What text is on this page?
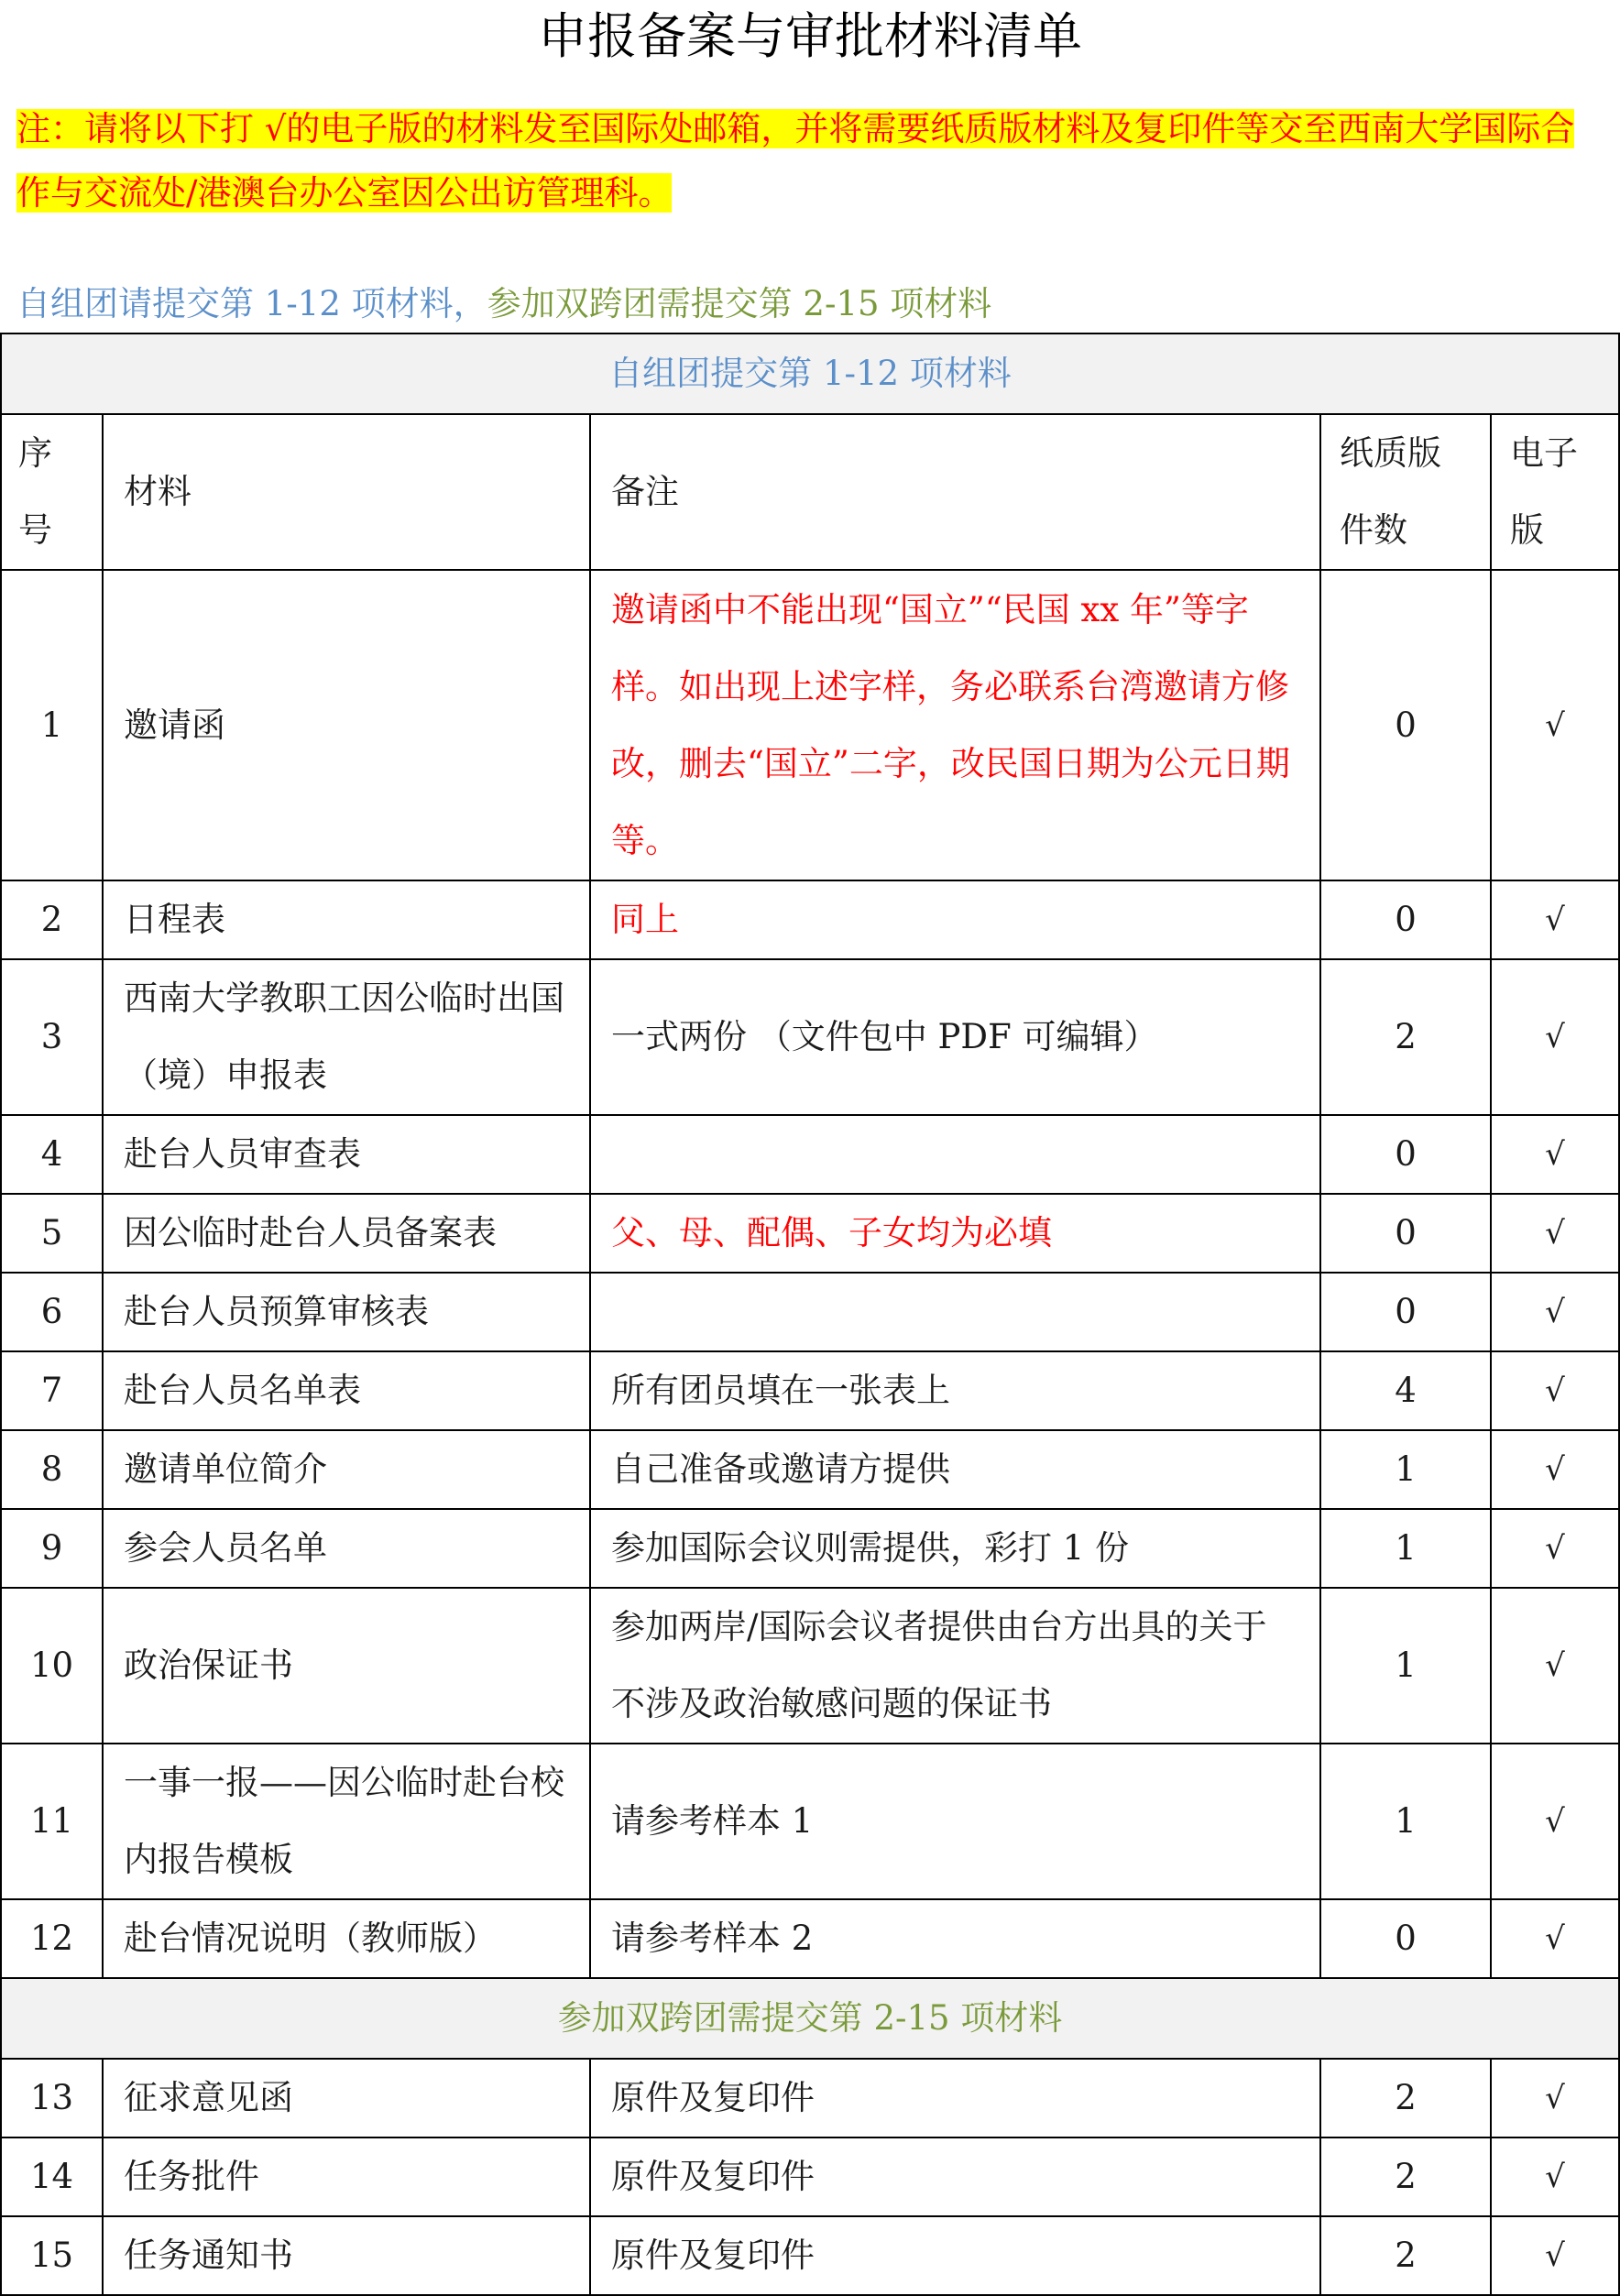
申报备案与审批材料清单
注：请将以下打 √的电子版的材料发至国际处邮箱，并将需要纸质版材料及复印件等交至西南大学国际合作与交流处/港澳台办公室因公出访管理科。
自组团请提交第 1-12 项材料，参加双跨团需提交第 2-15 项材料
自组团提交第 1-12 项材料				
序号	材料	备注	纸质版件数	电子版
1	邀请函	邀请函中不能出现“国立”“民国 xx 年”等字样。如出现上述字样，务必联系台湾邀请方修改，删去“国立”二字，改民国日期为公元日期等。	0	√
2	日程表	同上	0	√
3	西南大学教职工因公临时出国（境）申报表	一式两份 （文件包中 PDF 可编辑）	2	√
4	赴台人员审查表		0	√
5	因公临时赴台人员备案表	父、母、配偶、子女均为必填	0	√
6	赴台人员预算审核表		0	√
7	赴台人员名单表	所有团员填在一张表上	4	√
8	邀请单位简介	自己准备或邀请方提供	1	√
9	参会人员名单	参加国际会议则需提供，彩打 1 份	1	√
10	政治保证书	参加两岸/国际会议者提供由台方出具的关于不涉及政治敏感问题的保证书	1	√
11	一事一报——因公临时赴台校内报告模板	请参考样本 1	1	√
12	赴台情况说明（教师版）	请参考样本 2	0	√
参加双跨团需提交第 2-15 项材料				
13	征求意见函	原件及复印件	2	√
14	任务批件	原件及复印件	2	√
15	任务通知书	原件及复印件	2	√
